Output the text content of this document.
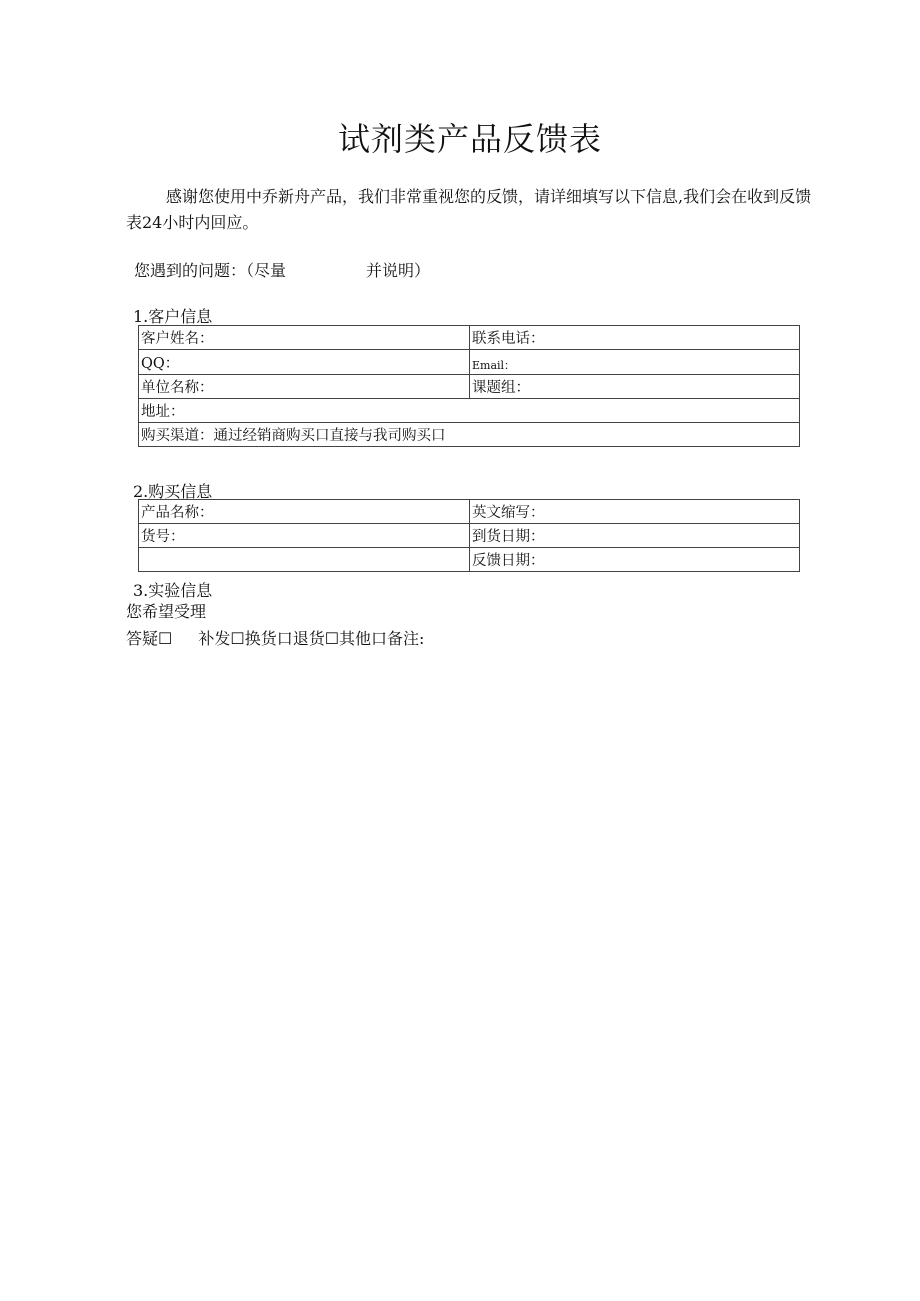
试剂类产品反馈表
感谢您使用中乔新舟产品，我们非常重视您的反馈，请详细填写以下信息,我们会在收到反馈表24小时内回应。
您遇到的问题：（尽量	并说明）
1.客户信息
客户姓名：	联系电话：
QQ：	Email：
单位名称：	课题组：
地址：	
购买渠道：通过经销商购买口直接与我司购买口	
2.购买信息
产品名称：	英文缩写：
货号：	到货日期：
	反馈日期：
3.实验信息
您希望受理
答疑☐ 补发☐换货口退货☐其他口备注:
